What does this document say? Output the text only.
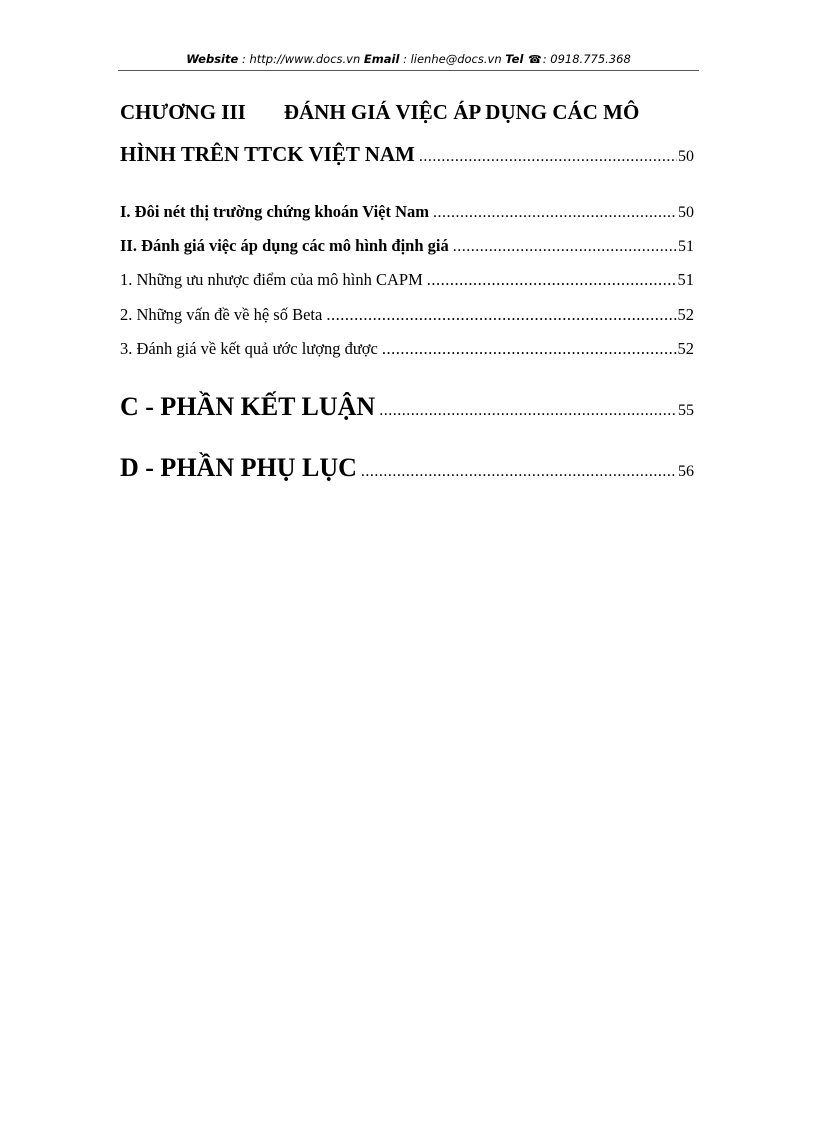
Website : http://www.docs.vn Email : lienhe@docs.vn Tel ☎: 0918.775.368
CHƯƠNG III ĐÁNH GIÁ VIỆC ÁP DỤNG CÁC MÔ
HÌNH TRÊN TTCK VIỆT NAM .....	50
I. Đôi nét thị trường chứng khoán Việt Nam .....	50
II. Đánh giá việc áp dụng các mô hình định giá .....	51
1. Những ưu nhược điểm của mô hình CAPM .....	51
2. Những vấn đề về hệ số Beta .....	52
3. Đánh giá về kết quả ước lượng được .....	52
C - PHẦN KẾT LUẬN .....	55
D - PHẦN PHỤ LỤC .....	56
